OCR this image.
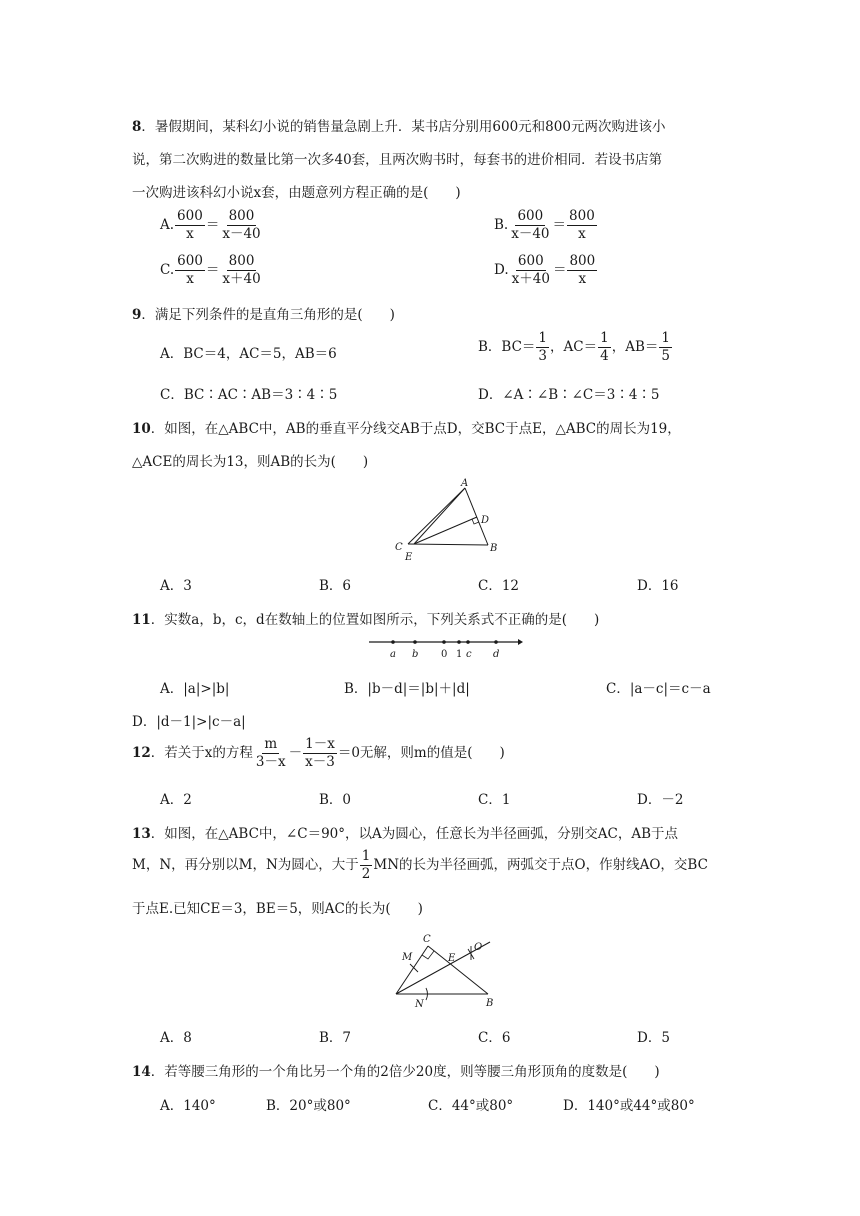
8．暑假期间，某科幻小说的销售量急剧上升．某书店分别用600元和800元两次购进该小
说，第二次购进的数量比第一次多40套，且两次购书时，每套书的进价相同．若设书店第
一次购进该科幻小说x套，由题意列方程正确的是(　　)
A. $\frac{600}{x} = \frac{800}{x-40}$	B. $\frac{600}{x-40} = \frac{800}{x}$
C. $\frac{600}{x} = \frac{800}{x+40}$	D. $\frac{600}{x+40} = \frac{800}{x}$
9．满足下列条件的是直角三角形的是(　　)
A．BC＝4，AC＝5，AB＝6	B．$BC= \frac{1}{3}$ ，$AC= \frac{1}{4}$ ，$AB= \frac{1}{5}$
C．BC∶AC∶AB＝3∶4∶5	D．∠A∶∠B∶∠C＝3∶4∶5
10．如图，在△ABC中，AB的垂直平分线交AB于点D，交BC于点E，△ABC的周长为19，
△ACE的周长为13，则AB的长为(　　)
A
B
C
D
E
A．3	B．6	C．12	D．16
11．实数a，b，c，d在数轴上的位置如图所示，下列关系式不正确的是(　　)
a b 0 1 c d
A．|a|>|b|	B．|b－d|＝|b|＋|d|	C．|a－c|＝c－a
D．|d－1|>|c－a|
12．若关于x的方程 $\frac{m}{3-x} - \frac{1-x}{x-3} =0$无解，则m的值是(　　)
A．2	B．0	C．1	D．－2
13．如图，在△ABC中，∠C＝90°，以A为圆心，任意长为半径画弧，分别交AC，AB于点
M，N，再分别以M，N为圆心，大于 $\frac{1}{2}$ MN的长为半径画弧，两弧交于点O，作射线AO，交BC
于点E.已知CE＝3，BE＝5，则AC的长为(　　)
C
M	E
O
N	B
A．8	B．7	C．6	D．5
14．若等腰三角形的一个角比另一个角的2倍少20度，则等腰三角形顶角的度数是(　　)
A．140°	B．20°或80°	C．44°或80°	D．140°或44°或80°
